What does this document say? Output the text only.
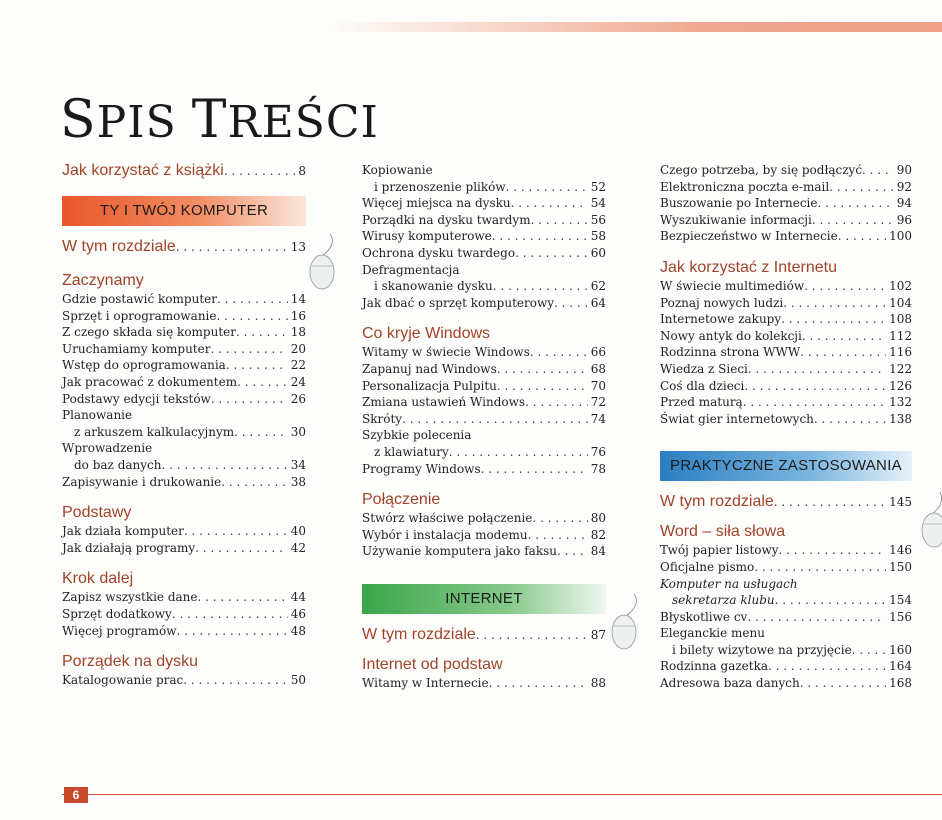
SPIS TREŚCI
Jak korzystać z książki . . .	8
TY I TWÓJ KOMPUTER
W tym rozdziale . . .	13
Zaczynamy
Gdzie postawić komputer . . .	14
Sprzęt i oprogramowanie . . .	16
Z czego składa się komputer . . .	18
Uruchamiamy komputer . . .	20
Wstęp do oprogramowania . . .	22
Jak pracować z dokumentem . . .	24
Podstawy edycji tekstów . . .	26
Planowanie
z arkuszem kalkulacyjnym . . .	30
Wprowadzenie
do baz danych . . .	34
Zapisywanie i drukowanie . . .	38
Podstawy
Jak działa komputer . . .	40
Jak działają programy . . .	42
Krok dalej
Zapisz wszystkie dane . . .	44
Sprzęt dodatkowy . . .	46
Więcej programów . . .	48
Porządek na dysku
Katalogowanie prac . . .	50
Kopiowanie
i przenoszenie plików . . .	52
Więcej miejsca na dysku . . .	54
Porządki na dysku twardym . . .	56
Wirusy komputerowe . . .	58
Ochrona dysku twardego . . .	60
Defragmentacja
i skanowanie dysku . . .	62
Jak dbać o sprzęt komputerowy . . .	64
Co kryje Windows
Witamy w świecie Windows . . .	66
Zapanuj nad Windows . . .	68
Personalizacja Pulpitu . . .	70
Zmiana ustawień Windows . . .	72
Skróty . . .	74
Szybkie polecenia
z klawiatury . . .	76
Programy Windows . . .	78
Połączenie
Stwórz właściwe połączenie . . .	80
Wybór i instalacja modemu . . .	82
Używanie komputera jako faksu . . .	84
INTERNET
W tym rozdziale . . .	87
Internet od podstaw
Witamy w Internecie . . .	88
Czego potrzeba, by się podłączyć . . .	90
Elektroniczna poczta e-mail . . .	92
Buszowanie po Internecie . . .	94
Wyszukiwanie informacji . . .	96
Bezpieczeństwo w Internecie . . .	100
Jak korzystać z Internetu
W świecie multimediów . . .	102
Poznaj nowych ludzi . . .	104
Internetowe zakupy . . .	108
Nowy antyk do kolekcji . . .	112
Rodzinna strona WWW . . .	116
Wiedza z Sieci . . .	122
Coś dla dzieci . . .	126
Przed maturą . . .	132
Świat gier internetowych . . .	138
PRAKTYCZNE ZASTOSOWANIA
W tym rozdziale . . .	145
Word – siła słowa
Twój papier listowy . . .	146
Oficjalne pismo . . .	150
Komputer na usługach
sekretarza klubu . . .	154
Błyskotliwe cv . . .	156
Eleganckie menu
i bilety wizytowe na przyjęcie . . .	160
Rodzinna gazetka . . .	164
Adresowa baza danych . . .	168
6
